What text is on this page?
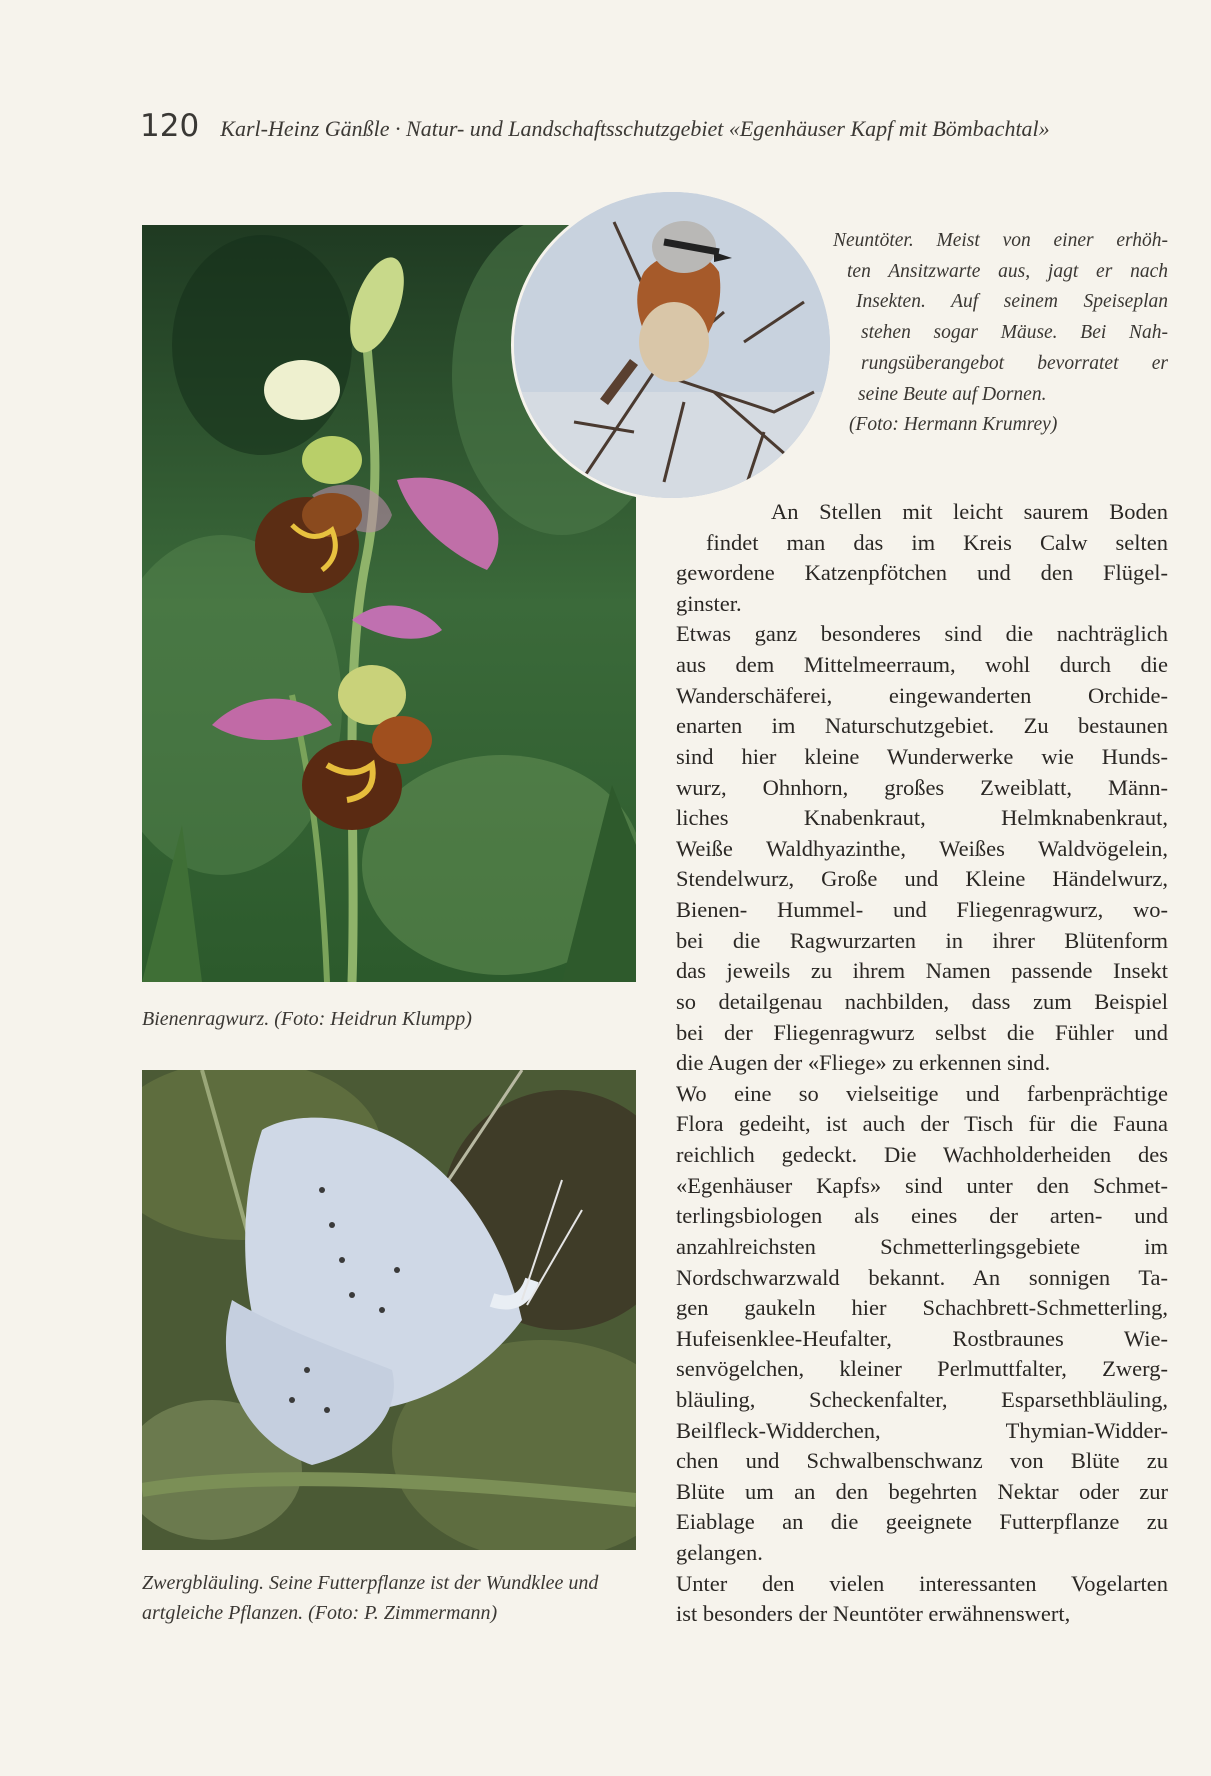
120 Karl-Heinz Gänßle · Natur- und Landschaftsschutzgebiet «Egenhäuser Kapf mit Bömbachtal»
Bienenragwurz. (Foto: Heidrun Klumpp)
Zwergbläuling. Seine Futterpflanze ist der Wundklee und artgleiche Pflanzen. (Foto: P. Zimmermann)
Neuntöter. Meist von einer erhöh-
ten Ansitzwarte aus, jagt er nach
Insekten. Auf seinem Speiseplan
stehen sogar Mäuse. Bei Nah-
rungsüberangebot bevorratet er
seine Beute auf Dornen.
(Foto: Hermann Krumrey)
An Stellen mit leicht saurem Boden
findet man das im Kreis Calw selten
gewordene Katzenpfötchen und den Flügel-
ginster.
Etwas ganz besonderes sind die nachträglich
aus dem Mittelmeerraum, wohl durch die
Wanderschäferei, eingewanderten Orchide-
enarten im Naturschutzgebiet. Zu bestaunen
sind hier kleine Wunderwerke wie Hunds-
wurz, Ohnhorn, großes Zweiblatt, Männ-
liches Knabenkraut, Helmknabenkraut,
Weiße Waldhyazinthe, Weißes Waldvögelein,
Stendelwurz, Große und Kleine Händelwurz,
Bienen- Hummel- und Fliegenragwurz, wo-
bei die Ragwurzarten in ihrer Blütenform
das jeweils zu ihrem Namen passende Insekt
so detailgenau nachbilden, dass zum Beispiel
bei der Fliegenragwurz selbst die Fühler und
die Augen der «Fliege» zu erkennen sind.
Wo eine so vielseitige und farbenprächtige
Flora gedeiht, ist auch der Tisch für die Fauna
reichlich gedeckt. Die Wachholderheiden des
«Egenhäuser Kapfs» sind unter den Schmet-
terlingsbiologen als eines der arten- und
anzahlreichsten Schmetterlingsgebiete im
Nordschwarzwald bekannt. An sonnigen Ta-
gen gaukeln hier Schachbrett-Schmetterling,
Hufeisenklee-Heufalter, Rostbraunes Wie-
senvögelchen, kleiner Perlmuttfalter, Zwerg-
bläuling, Scheckenfalter, Esparsethbläuling,
Beilfleck-Widderchen, Thymian-Widder-
chen und Schwalbenschwanz von Blüte zu
Blüte um an den begehrten Nektar oder zur
Eiablage an die geeignete Futterpflanze zu
gelangen.
Unter den vielen interessanten Vogelarten
ist besonders der Neuntöter erwähnenswert,
